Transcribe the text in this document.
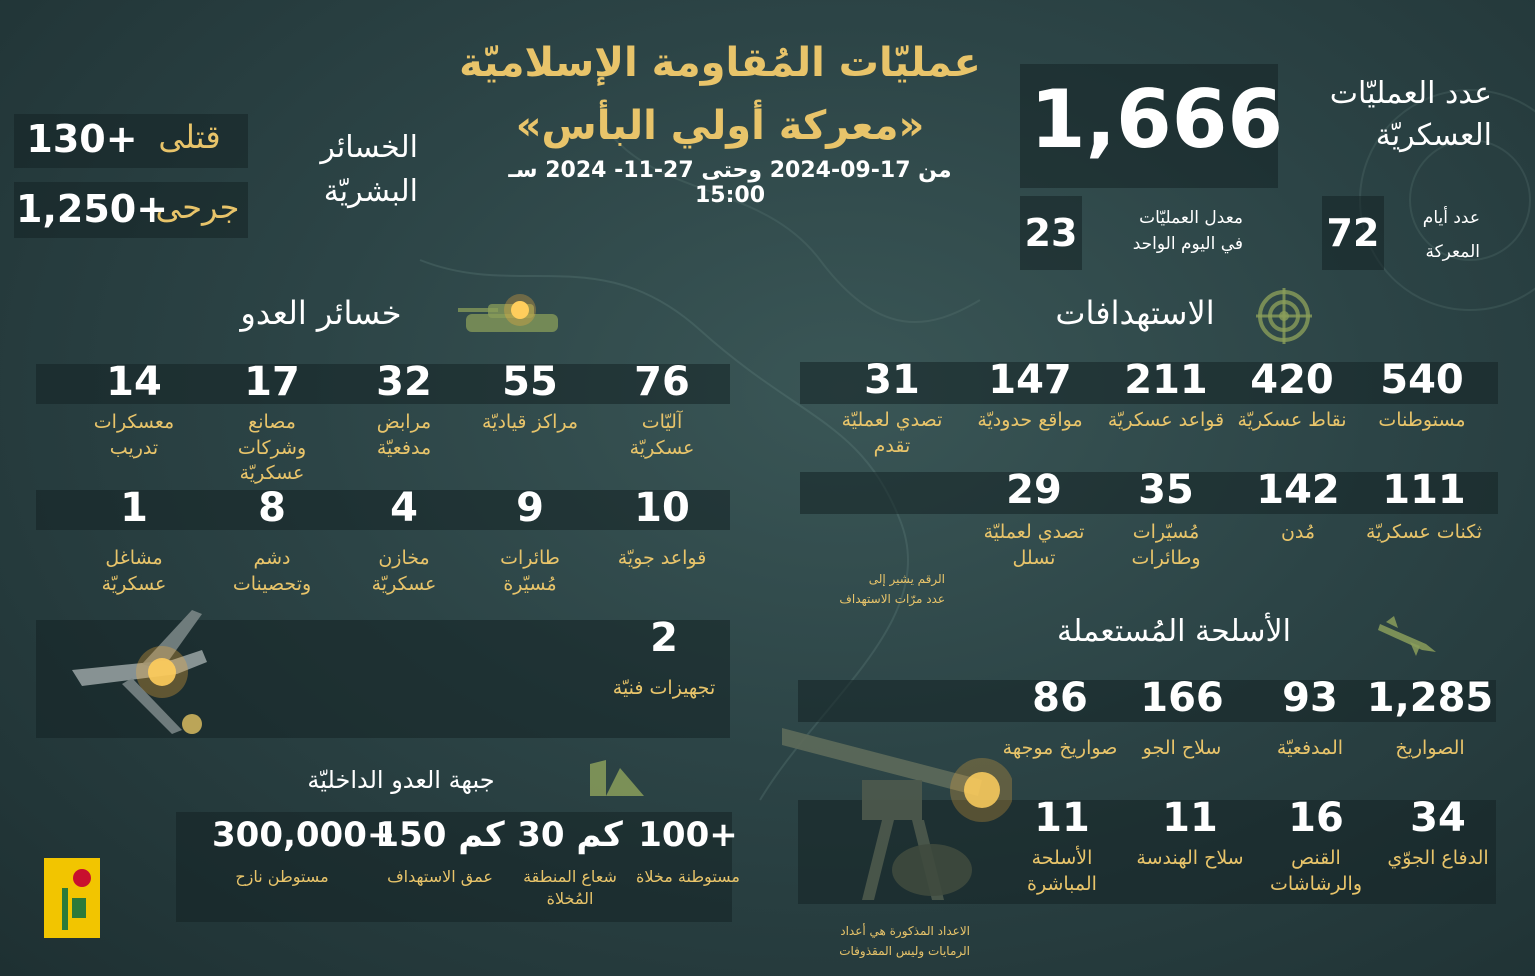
عمليّات المُقاومة الإسلاميّة
«معركة أولي البأس»
من 17-09-2024 وحتى 27-11- 2024 سـ 15:00
1,666	عدد العمليّات
العسكريّة
23	معدل العمليّات
في اليوم الواحد 72	عدد أيام
المعركة
130+ قتلى
1,250+
جرحى
الخسائر
البشريّة
خسائر العدو
76
آليّات عسكريّة
55
مراكز قياديّة
32
مرابض مدفعيّة
17
مصانع وشركات عسكريّة
14
معسكرات تدريب
10
قواعد جويّة
9
طائرات مُسيّرة
4
مخازن عسكريّة
8
دشم وتحصينات
1
مشاغل عسكريّة
2
تجهيزات فنيّة
الاستهدافات
540
مستوطنات
420
نقاط عسكريّة
211
قواعد عسكريّة
147
مواقع حدوديّة
31
تصدي لعمليّة تقدم
111
ثكنات عسكريّة
142
مُدن
35
مُسيّرات وطائرات
29
تصدي لعمليّة تسلل
الرقم يشير إلى
عدد مرّات الاستهداف
الأسلحة المُستعملة
1,285
الصواريخ
93
المدفعيّة
166
سلاح الجو
86
صواريخ موجهة
34
الدفاع الجوّي
16
القنص والرشاشات
11
سلاح الهندسة
11
الأسلحة المباشرة
الاعداد المذكورة هي أعداد
الرمايات وليس المقذوفات
جبهة العدو الداخليّة
100+
مستوطنة مخلاة
30 كم
شعاع المنطقة المُخلاة
150 كم
عمق الاستهداف
300,000+
مستوطن نازح
